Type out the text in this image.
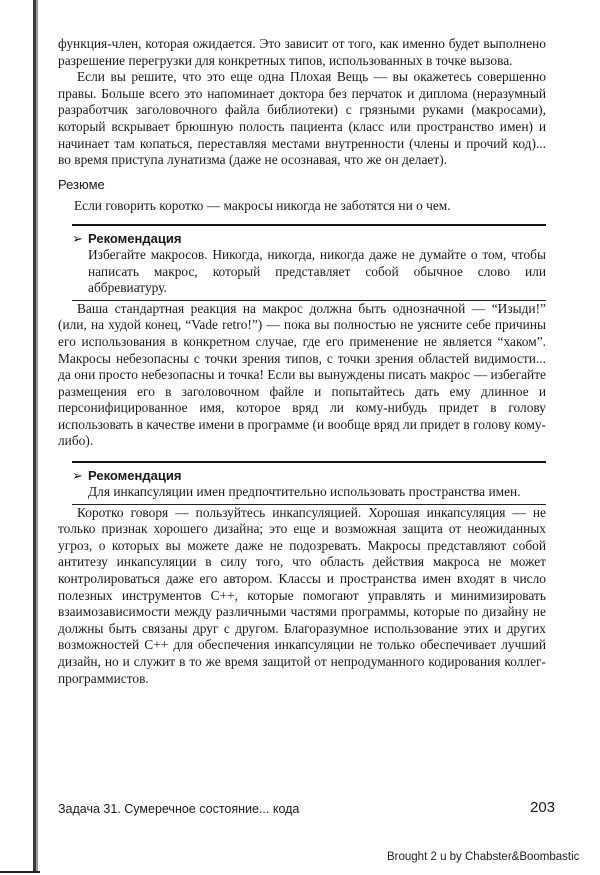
функция-член, которая ожидается. Это зависит от того, как именно будет выполнено разрешение перегрузки для конкретных типов, использованных в точке вызова.

Если вы решите, что это еще одна Плохая Вещь — вы окажетесь совершенно правы. Больше всего это напоминает доктора без перчаток и диплома (неразумный разработчик заголовочного файла библиотеки) с грязными руками (макросами), который вскрывает брюшную полость пациента (класс или пространство имен) и начинает там копаться, переставляя местами внутренности (члены и прочий код)... во время приступа лунатизма (даже не осознавая, что же он делает).

Резюме

Если говорить коротко — макросы никогда не заботятся ни о чем.

➢ Рекомендация

Избегайте макросов. Никогда, никогда, никогда даже не думайте о том, чтобы написать макрос, который представляет собой обычное слово или аббревиатуру.

Ваша стандартная реакция на макрос должна быть однозначной — “Изыди!” (или, на худой конец, “Vade retro!”) — пока вы полностью не уясните себе причины его использования в конкретном случае, где его применение не является “хаком”. Макросы небезопасны с точки зрения типов, с точки зрения областей видимости... да они просто небезопасны и точка! Если вы вынуждены писать макрос — избегайте размещения его в заголовочном файле и попытайтесь дать ему длинное и персонифицированное имя, которое вряд ли кому-нибудь придет в голову использовать в качестве имени в программе (и вообще вряд ли придет в голову кому-либо).

➢ Рекомендация

Для инкапсуляции имен предпочтительно использовать пространства имен.

Коротко говоря — пользуйтесь инкапсуляцией. Хорошая инкапсуляция — не только признак хорошего дизайна; это еще и возможная защита от неожиданных угроз, о которых вы можете даже не подозревать. Макросы представляют собой антитезу инкапсуляции в силу того, что область действия макроса не может контролироваться даже его автором. Классы и пространства имен входят в число полезных инструментов C++, которые помогают управлять и минимизировать взаимозависимости между различными частями программы, которые по дизайну не должны быть связаны друг с другом. Благоразумное использование этих и других возможностей C++ для обеспечения инкапсуляции не только обеспечивает лучший дизайн, но и служит в то же время защитой от непродуманного кодирования коллег-программистов.

Задача 31. Сумеречное состояние... кода	203
Brought 2 u by Chabster&Boombastic
